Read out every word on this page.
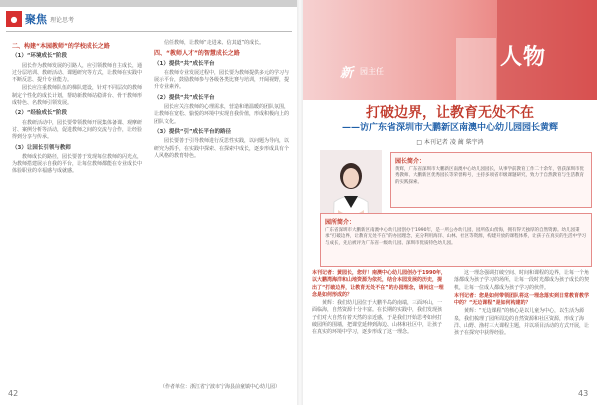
● 聚焦 理论思考
二、构建“本园教师”的学校成长之路
（1）“环境成长”阶段

园长作为教师发展的引路人，应引领教师自主成长，通过分层培训、教研活动、课题研究等方式，让教师在实践中不断反思、提升专业能力。

园长应注重教师队伍的梯队建设，针对不同层次的教师制定个性化的成长计划，帮助新教师站稳讲台、骨干教师形成特色、名教师引领发展。

（2）“经验成长”阶段

在教研活动中，园长要带领教师开展集体备课、观摩研讨、案例分析等活动，促进教师之间的交流与合作，让经验得到分享与传承。

（3）让园长引领与教师

教师成长的路径，园长要善于发现每位教师的闪光点，为教师搭建展示自我的平台，让每位教师都能在专业成长中体验职业的幸福感与成就感。

信任教师，让教师“走进来、信其道”的成长。

四、“教师人才”的智慧成长之路
（1）提供“共”成长平台

在教师专业发展过程中，园长要为教师提供多元的学习与展示平台，鼓励教师参与各级各类比赛与培训，开阔视野，提升专业素养。

（2）提供“共”成长平台

园长应关注教师的心理需求，营造和谐温暖的团队氛围，让教师在宽松、愉悦的环境中实现自我价值，形成积极向上的团队文化。

（3）提供“引”成长平台的路径

园长要善于引导教师进行反思性实践，以问题为导向，以研究为抓手，在实践中探索、在探索中成长，逐步形成具有个人风格的教育特色。

（作者单位：浙江省宁波市宁海县前童镇中心幼儿园）
42
新 园主任
人物
打破边界，让教育无处不在
——访广东省深圳市大鹏新区南澳中心幼儿园园长黄辉
□ 本刊记者 凌 蔺 柴宇鸿
园长简介：
黄辉，广东省深圳市大鹏新区南澳中心幼儿园园长，从事学前教育工作二十余年，曾获深圳市优秀教师、大鹏新区优秀园长等荣誉称号，主持多项省市级课题研究，致力于自然教育与生活教育的实践探索。
园所简介：
广东省深圳市大鹏新区南澳中心幼儿园创办于1990年，是一所公办幼儿园，园所依山傍海，拥有得天独厚的自然资源。幼儿园秉承“打破边界，让教育无处不在”的办园理念，充分利用海洋、山林、社区等资源，构建开放的课程体系，让孩子在真实的生活中学习与成长，先后被评为广东省一级幼儿园、深圳市优质特色幼儿园。

本刊记者：黄园长，您好！南澳中心幼儿园创办于1990年，以大鹏湾海洋和山地资源为依托，结合本园发展的历史，提出了“打破边界，让教育无处不在”的办园理念，请问这一理念是如何形成的？

黄辉：我们幼儿园位于大鹏半岛的南端，三面环山，一面临海，自然资源十分丰富。在长期的实践中，我们发现孩子们对大自然有着天然的亲近感，于是我们开始思考如何打破园所的围墙，把课堂延伸到海边、山林和社区中，让孩子在真实的环境中学习，逐步形成了这一理念。

这一理念强调打破空间、时间和课程的边界，让每一个角落都成为孩子学习的场所，让每一段时光都成为孩子成长的契机，让每一位成人都成为孩子学习的伙伴。

本刊记者：您是如何带领团队将这一理念落实到日常教育教学中的？“无边课程”是如何构建的？

黄辉：“无边课程”的核心是以儿童为中心，以生活为源泉，我们梳理了园所周边的自然资源和社区资源，形成了海洋、山野、渔村三大课程主题，并以项目活动的方式开展，让孩子在探究中获得经验。

43
